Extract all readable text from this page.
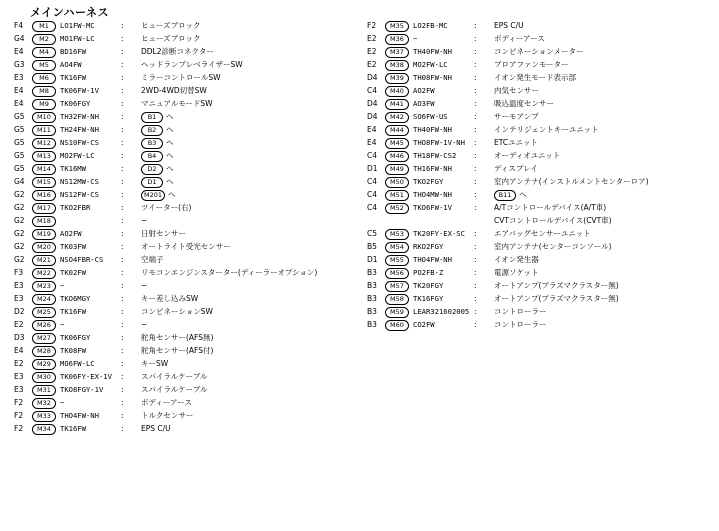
メインハーネス
F4	M1	LO1FW-MC	: ヒューズブロック
G4	M2	MO1FW-LC	: ヒューズブロック
E4	M4	BD16FW	: DDL2診断コネクター
G3	M5	AO4FW	: ヘッドランプレベライザーSW
E3	M6	TK16FW	: ミラーコントロールSW
E4	M8	TK06FW-1V	: 2WD-4WD切替SW
E4	M9	TK06FGY	: マニュアルモードSW
G5	M10	TH32FW-NH	:	B1 へ
G5	M11	TH24FW-NH	:	B2 へ
G5	M12	NS10FW-CS	:	B3 へ
G5	M13	MO2FW-LC	:	B4 へ
G5	M14	TK16MW	:	D2 へ
G4	M15	NS12MW-CS	:	D1 へ
G2	M16	NS12FW-CS	:	M201 へ
G2	M17	TKO2FBR	: ツイーター(右)
G2	M18	: −
G2	M19	AO2FW	: 日射センサー
G2	M20	TK03FW	: オートライト受光センサー
G2	M21	NSO4FBR-CS : 空端子
F3	M22	TK02FW	: リモコンエンジンスターター(ディーラーオプション)
E3	M23	−	: −
E3	M24	TKO6MGY	: キー差し込みSW
D2	M25	TK16FW	: コンビネーションSW
E2	M26	−	: −
D3	M27	TK06FGY	: 舵角センサー(AFS無)
E4	M28	TK08FW	: 舵角センサー(AFS付)
E2	M29	MO6FW-LC	: キーSW
E3	M30	TK06FY-EX-1V : スパイラルケーブル
E3	M31	TKO8FGY-1V : スパイラルケーブル
F2	M32	−	: ボディーアース
F2	M33	THO4FW-NH	: トルクセンサー
F2	M34	TK16FW	: EPS C/U
F2	M35	LO2FB-MC	: EPS C/U
E2	M36	−	: ボディーアース
E2	M37	TH40FW-NH	: コンビネーションメーター
E2	M38	MO2FW-LC	: ブロアファンモーター
D4	M39	TH08FW-NH	: イオン発生モード表示部
C4	M40	AO2FW	: 内気センサー
D4	M41	AO3FW	: 吸込温度センサー
D4	M42	SO6FW-US	: サーモアンプ
E4	M44	TH40FW-NH	: インテリジェントキーユニット
E4	M45	THO8FW-1V-NH : ETCユニット
C4	M46	TH18FW-CS2 : オーディオユニット
D1	M49	TH16FW-NH	: ディスプレイ
C4	M50	TKO2FGY	: 室内アンテナ(インストルメントセンターロア)
C4	M51	THO4MW-NH	:	B11 へ
C4	M52	TKO6FW-1V	: A/Tコントロールデバイス(A/T車)
CVTコントロールデバイス(CVT車)
C5	M53	TK20FY-EX-SC : エアバッグセンサーユニット
B5	M54	RKO2FGY	: 室内アンテナ(センターコンソール)
D1	M55	THO4FW-NH	: イオン発生器
B3	M56	PO2FB-Z	: 電源ソケット
B3	M57	TK20FGY	: オートアンプ(プラズマクラスター無)
B3	M58	TK16FGY	: オートアンプ(プラズマクラスター無)
B3	M59	LEAR321602005 : コントローラー
B3	M60	CO2FW	: コントローラー
